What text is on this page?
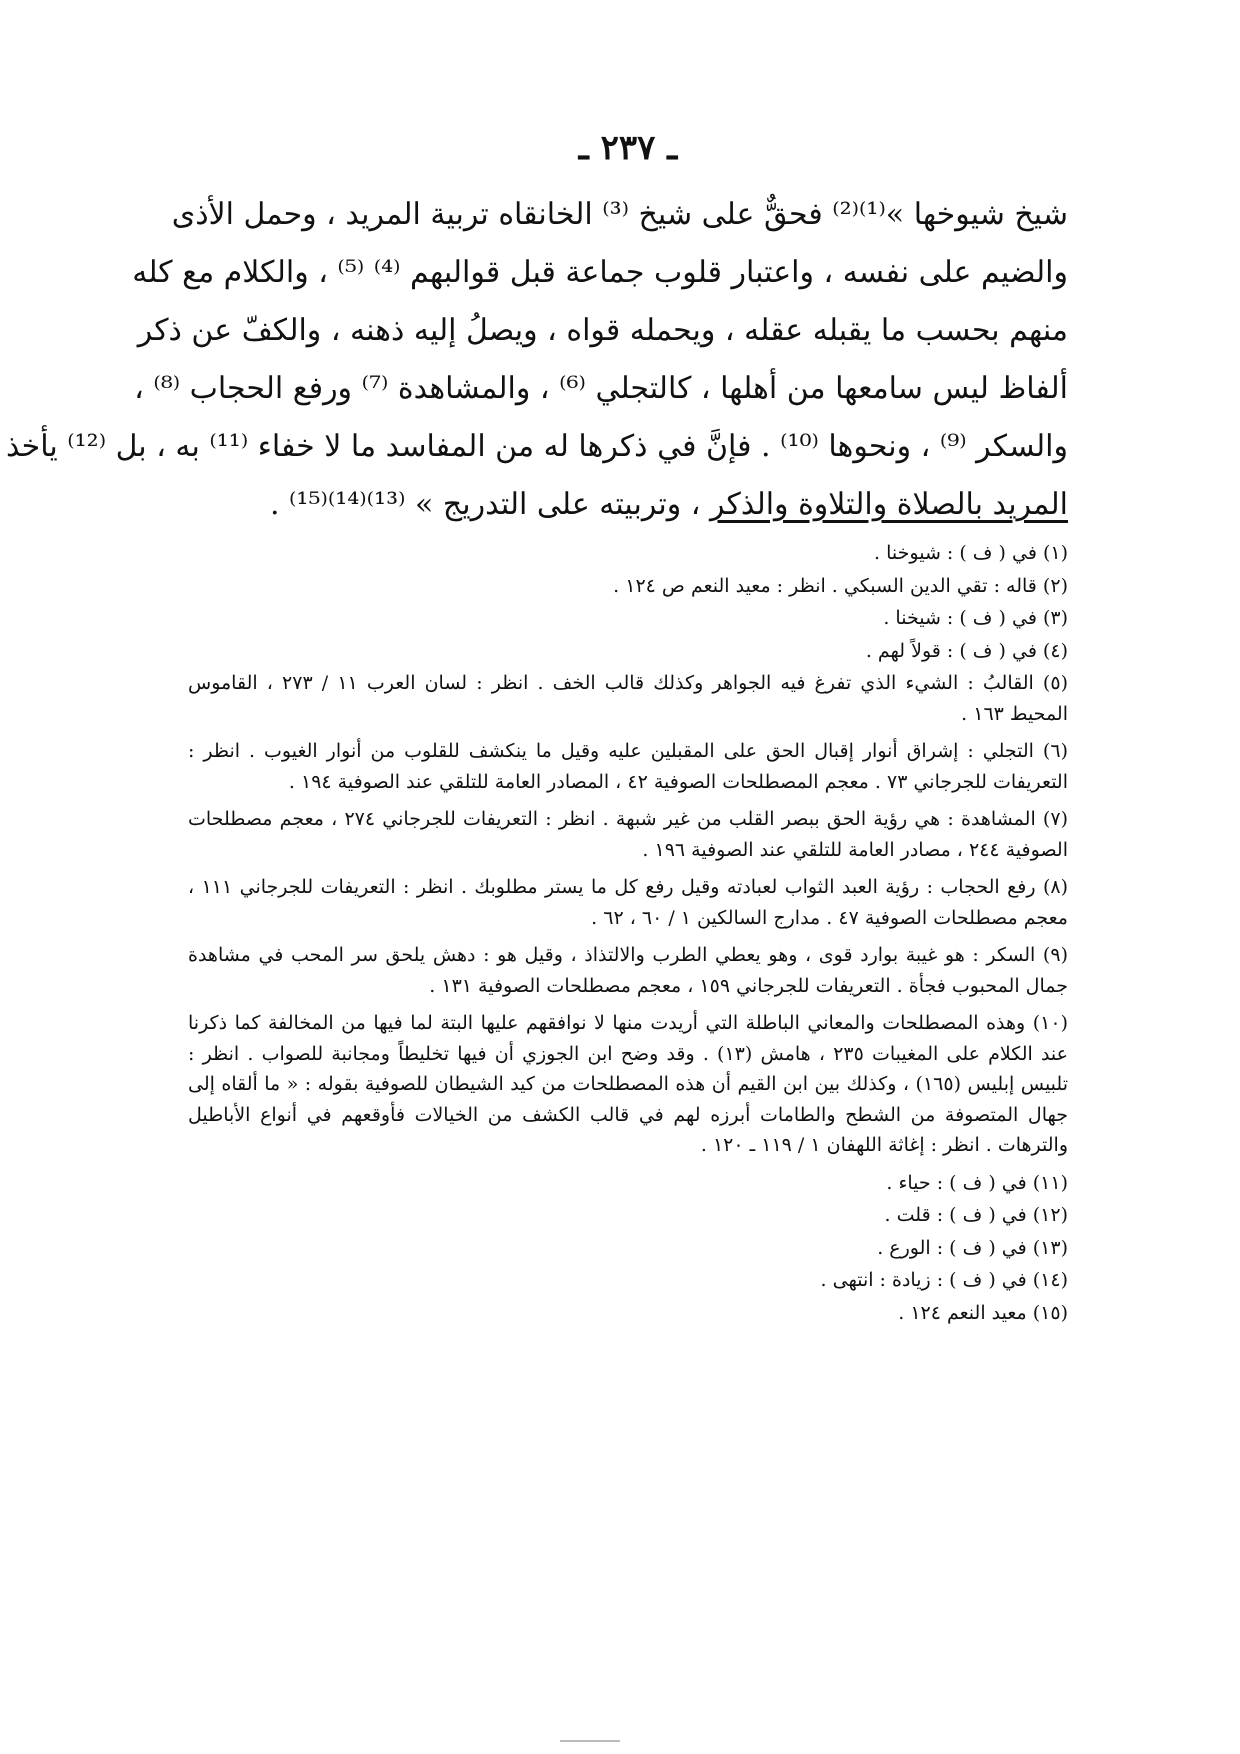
ـ ٢٣٧ ـ
شيخ شيوخها »⁽¹⁾⁽²⁾ فحقٌّ على شيخ ⁽³⁾ الخانقاه تربية المريد ، وحمل الأذى
والضيم على نفسه ، واعتبار قلوب جماعة قبل قوالبهم ⁽⁴⁾ ⁽⁵⁾ ، والكلام مع كله
منهم بحسب ما يقبله عقله ، ويحمله قواه ، ويصلُ إليه ذهنه ، والكفّ عن ذكر
ألفاظ ليس سامعها من أهلها ، كالتجلي ⁽⁶⁾ ، والمشاهدة ⁽⁷⁾ ورفع الحجاب ⁽⁸⁾ ،
والسكر ⁽⁹⁾ ، ونحوها ⁽¹⁰⁾ . فإنَّ في ذكرها له من المفاسد ما لا خفاء ⁽¹¹⁾ به ، بل ⁽¹²⁾ يأخذ
المريد بالصلاة والتلاوة والذكر ، وتربيته على التدريج » ⁽¹³⁾⁽¹⁴⁾⁽¹⁵⁾ .

(١) في ( ف ) : شيوخنا .

(٢) قاله : تقي الدين السبكي . انظر : معيد النعم ص ١٢٤ .

(٣) في ( ف ) : شيخنا .

(٤) في ( ف ) : قولاً لهم .

(٥) القالبُ : الشيء الذي تفرغ فيه الجواهر وكذلك قالب الخف . انظر : لسان العرب ١١ / ٢٧٣ ، القاموس المحيط ١٦٣ .

(٦) التجلي : إشراق أنوار إقبال الحق على المقبلين عليه وقيل ما ينكشف للقلوب من أنوار الغيوب . انظر : التعريفات للجرجاني ٧٣ . معجم المصطلحات الصوفية ٤٢ ، المصادر العامة للتلقي عند الصوفية ١٩٤ .

(٧) المشاهدة : هي رؤية الحق ببصر القلب من غير شبهة . انظر : التعريفات للجرجاني ٢٧٤ ، معجم مصطلحات الصوفية ٢٤٤ ، مصادر العامة للتلقي عند الصوفية ١٩٦ .

(٨) رفع الحجاب : رؤية العبد الثواب لعبادته وقيل رفع كل ما يستر مطلوبك . انظر : التعريفات للجرجاني ١١١ ، معجم مصطلحات الصوفية ٤٧ . مدارج السالكين ١ / ٦٠ ، ٦٢ .

(٩) السكر : هو غيبة بوارد قوى ، وهو يعطي الطرب والالتذاذ ، وقيل هو : دهش يلحق سر المحب في مشاهدة جمال المحبوب فجأة . التعريفات للجرجاني ١٥٩ ، معجم مصطلحات الصوفية ١٣١ .

(١٠) وهذه المصطلحات والمعاني الباطلة التي أريدت منها لا نوافقهم عليها البتة لما فيها من المخالفة كما ذكرنا عند الكلام على المغيبات ٢٣٥ ، هامش (١٣) . وقد وضح ابن الجوزي أن فيها تخليطاً ومجانبة للصواب . انظر : تلبيس إبليس (١٦٥) ، وكذلك بين ابن القيم أن هذه المصطلحات من كيد الشيطان للصوفية بقوله : « ما ألقاه إلى جهال المتصوفة من الشطح والطامات أبرزه لهم في قالب الكشف من الخيالات فأوقعهم في أنواع الأباطيل والترهات . انظر : إغاثة اللهفان ١ / ١١٩ ـ ١٢٠ .

(١١) في ( ف ) : حياء .

(١٢) في ( ف ) : قلت .

(١٣) في ( ف ) : الورع .

(١٤) في ( ف ) : زيادة : انتهى .

(١٥) معيد النعم ١٢٤ .
